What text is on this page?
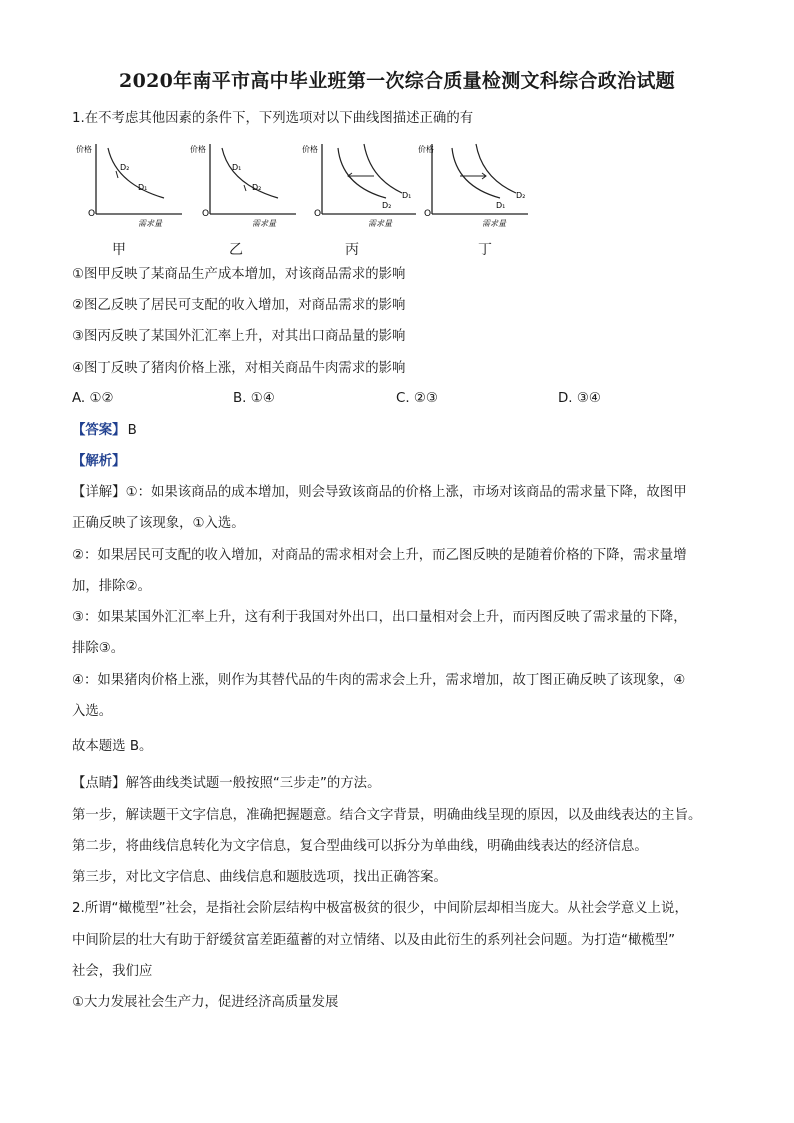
2020年南平市高中毕业班第一次综合质量检测文科综合政治试题
1.在不考虑其他因素的条件下，下列选项对以下曲线图描述正确的有
价格
O
需求量
D₂
D₁
价格
O
需求量
D₁
D₂
价格
O
需求量
D₁
D₂
价格
O
需求量
D₂
D₁
甲	乙	丙	丁
①图甲反映了某商品生产成本增加，对该商品需求的影响
②图乙反映了居民可支配的收入增加，对商品需求的影响
③图丙反映了某国外汇汇率上升，对其出口商品量的影响
④图丁反映了猪肉价格上涨，对相关商品牛肉需求的影响
A. ①②	B. ①④	C. ②③	D. ③④
【答案】 B
【解析】
【详解】①：如果该商品的成本增加，则会导致该商品的价格上涨，市场对该商品的需求量下降，故图甲
正确反映了该现象，①入选。
②：如果居民可支配的收入增加，对商品的需求相对会上升，而乙图反映的是随着价格的下降，需求量增
加，排除②。
③：如果某国外汇汇率上升，这有利于我国对外出口，出口量相对会上升，而丙图反映了需求量的下降，
排除③。
④：如果猪肉价格上涨，则作为其替代品的牛肉的需求会上升，需求增加，故丁图正确反映了该现象，④
入选。
故本题选 B。
【点睛】解答曲线类试题一般按照“三步走”的方法。
第一步，解读题干文字信息，准确把握题意。结合文字背景，明确曲线呈现的原因，以及曲线表达的主旨。
第二步，将曲线信息转化为文字信息，复合型曲线可以拆分为单曲线，明确曲线表达的经济信息。
第三步，对比文字信息、曲线信息和题肢选项，找出正确答案。
2.所谓“橄榄型”社会，是指社会阶层结构中极富极贫的很少，中间阶层却相当庞大。从社会学意义上说，
中间阶层的壮大有助于舒缓贫富差距蕴蓄的对立情绪、以及由此衍生的系列社会问题。为打造“橄榄型”
社会，我们应
①大力发展社会生产力，促进经济高质量发展
